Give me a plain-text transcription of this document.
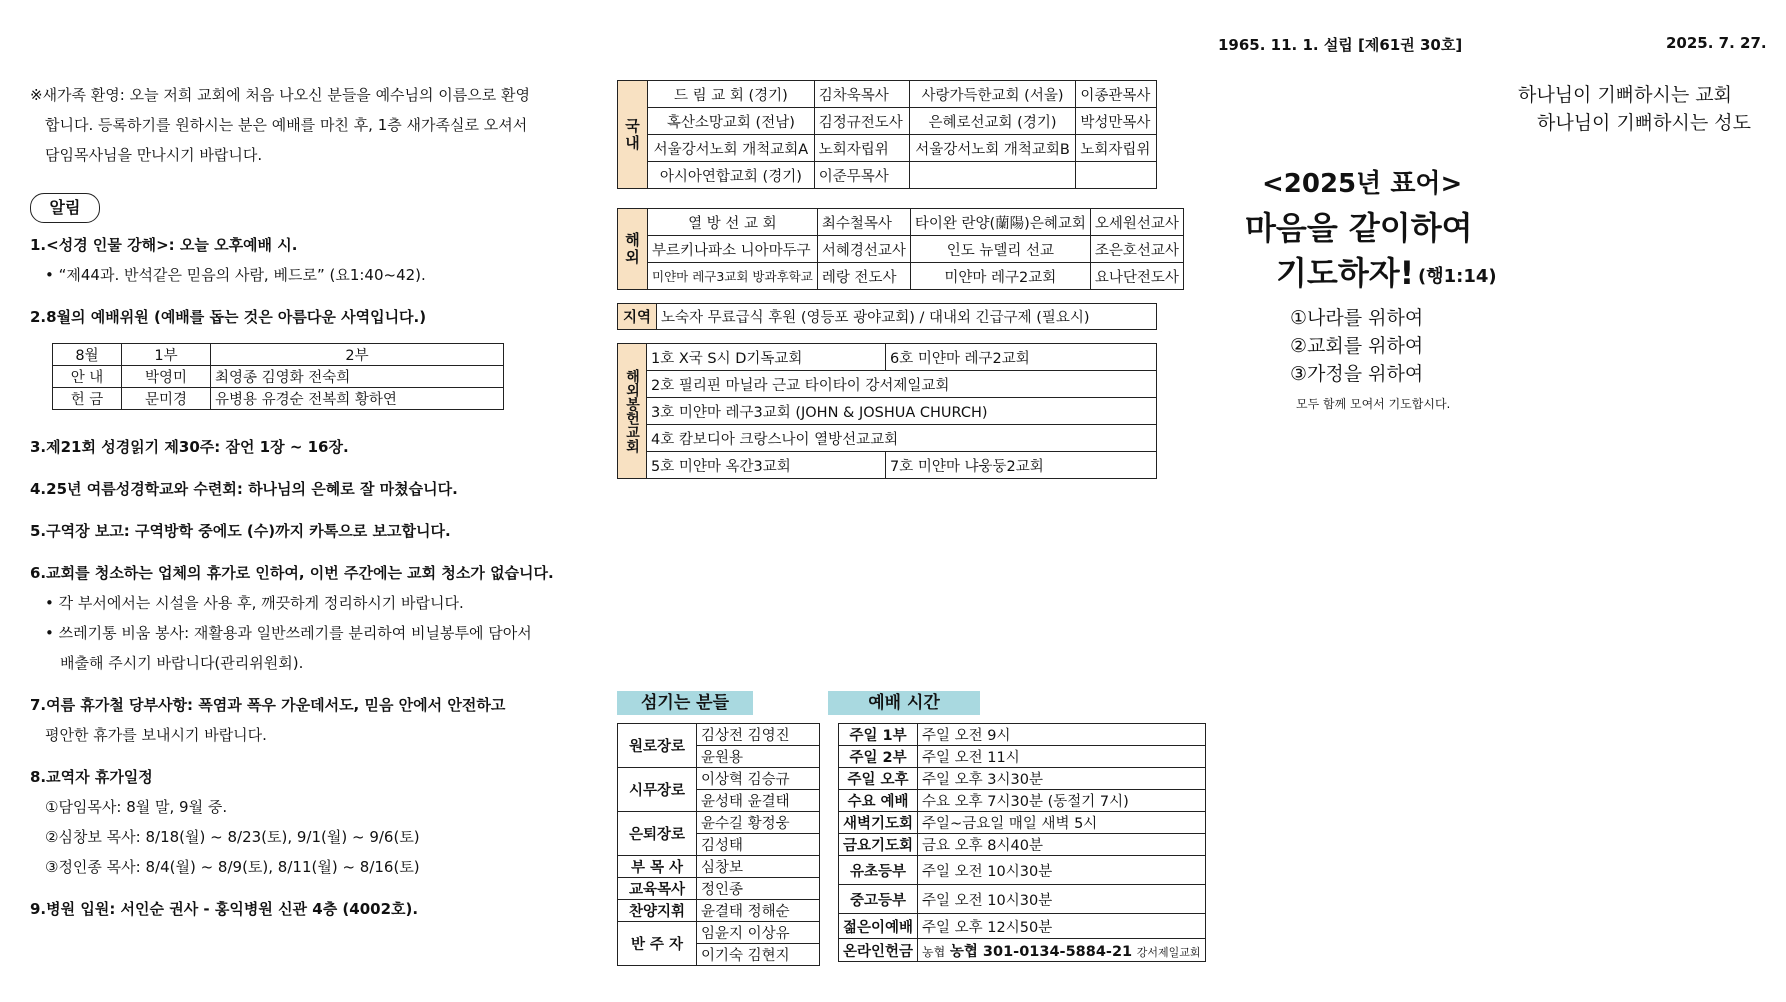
1965. 11. 1. 설립 [제61권 30호]	2025. 7. 27.
※새가족 환영: 오늘 저희 교회에 처음 나오신 분들을 예수님의 이름으로 환영
합니다. 등록하기를 원하시는 분은 예배를 마친 후, 1층 새가족실로 오셔서
담임목사님을 만나시기 바랍니다.
알림
1.<성경 인물 강해>: 오늘 오후예배 시.
• “제44과. 반석같은 믿음의 사람, 베드로” (요1:40~42).
2.8월의 예배위원 (예배를 돕는 것은 아름다운 사역입니다.)
8월	1부	2부
안 내	박영미	최영종 김영화 전숙희
헌 금	문미경	유병용 유경순 전복희 황하연
3.제21회 성경읽기 제30주: 잠언 1장 ~ 16장.
4.25년 여름성경학교와 수련회: 하나님의 은혜로 잘 마쳤습니다.
5.구역장 보고: 구역방학 중에도 (수)까지 카톡으로 보고합니다.
6.교회를 청소하는 업체의 휴가로 인하여, 이번 주간에는 교회 청소가 없습니다.
• 각 부서에서는 시설을 사용 후, 깨끗하게 정리하시기 바랍니다.
• 쓰레기통 비움 봉사: 재활용과 일반쓰레기를 분리하여 비닐봉투에 담아서
배출해 주시기 바랍니다(관리위원회).
7.여름 휴가철 당부사항: 폭염과 폭우 가운데서도, 믿음 안에서 안전하고
평안한 휴가를 보내시기 바랍니다.
8.교역자 휴가일정
①담임목사: 8월 말, 9월 중.
②심창보 목사: 8/18(월) ~ 8/23(토), 9/1(월) ~ 9/6(토)
③정인종 목사: 8/4(월) ~ 8/9(토), 8/11(월) ~ 8/16(토)
9.병원 입원: 서인순 권사 - 홍익병원 신관 4층 (4002호).
국내	드 림 교 회 (경기)	김차욱목사	사랑가득한교회 (서울)	이종관목사
	혹산소망교회 (전남)	김정규전도사	은혜로선교회 (경기)	박성만목사
	서울강서노회 개척교회A	노회자립위	서울강서노회 개척교회B	노회자립위
	아시아연합교회 (경기)	이준무목사		
해외	열 방 선 교 회	최수철목사	타이완 란양(蘭陽)은혜교회	오세원선교사
	부르키나파소 니아마두구	서혜경선교사	인도 뉴델리 선교	조은호선교사
	미얀마 레구3교회 방과후학교	레랑 전도사	미얀마 레구2교회	요나단전도사
지역	노숙자 무료급식 후원 (영등포 광야교회) / 대내외 긴급구제 (필요시)
해외봉헌교회	1호 X국 S시 D기독교회	6호 미얀마 레구2교회
	2호 필리핀 마닐라 근교 타이타이 강서제일교회	
	3호 미얀마 레구3교회 (JOHN & JOSHUA CHURCH)	
	4호 캄보디아 크랑스나이 열방선교교회	
	5호 미얀마 옥간3교회	7호 미얀마 냐웅둥2교회
섬기는 분들
원로장로	김상전 김영진
	윤원용
시무장로	이상혁 김승규
	윤성태 윤결태
은퇴장로	윤수길 황정웅
	김성태
부 목 사	심창보
교육목사	정인종
찬양지휘	윤결태 정해순
반 주 자	임윤지 이상유
	이기숙 김현지
예배 시간
주일 1부	주일 오전 9시
주일 2부	주일 오전 11시
주일 오후	주일 오후 3시30분
수요 예배	수요 오후 7시30분 (동절기 7시)
새벽기도회	주일~금요일 매일 새벽 5시
금요기도회	금요 오후 8시40분
유초등부	주일 오전 10시30분
중고등부	주일 오전 10시30분
젊은이예배	주일 오후 12시50분
온라인헌금	농협 농협 301-0134-5884-21 강서제일교회
하나님이 기뻐하시는 교회
하나님이 기뻐하시는 성도
<2025년 표어>
마음을 같이하여
기도하자! (행1:14)
①나라를 위하여
②교회를 위하여
③가정을 위하여
모두 함께 모여서 기도합시다.
